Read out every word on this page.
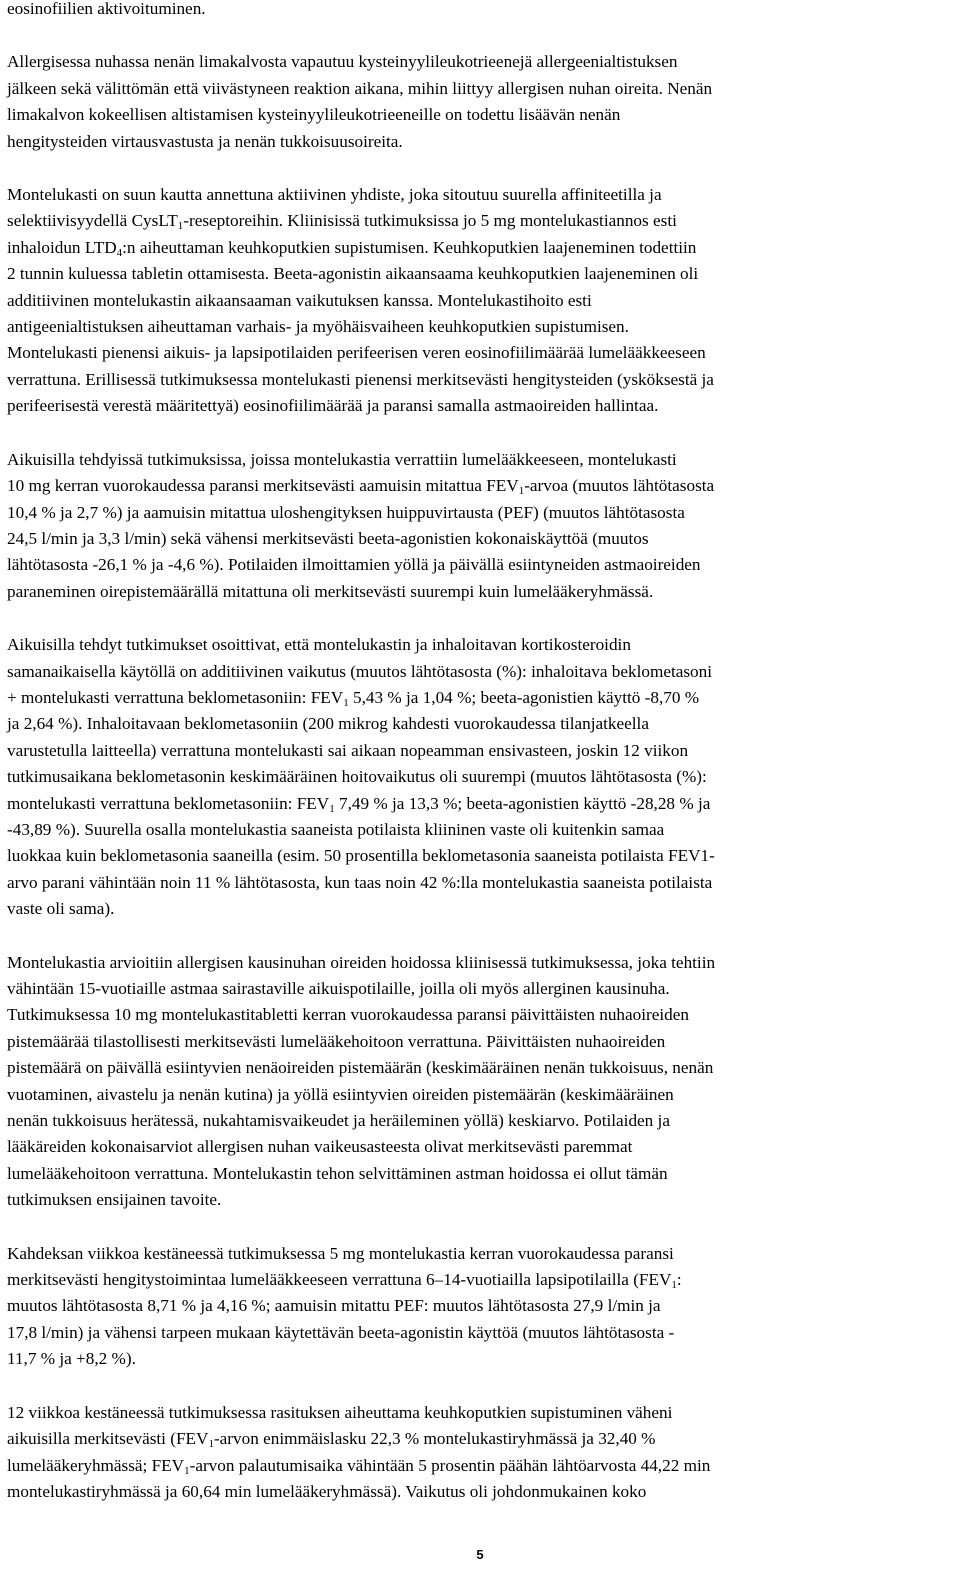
eosinofiilien aktivoituminen.

Allergisessa nuhassa nenän limakalvosta vapautuu kysteinyylileukotrieenejä allergeenialtistuksen
jälkeen sekä välittömän että viivästyneen reaktion aikana, mihin liittyy allergisen nuhan oireita. Nenän
limakalvon kokeellisen altistamisen kysteinyylileukotrieeneille on todettu lisäävän nenän
hengitysteiden virtausvastusta ja nenän tukkoisuusoireita.

Montelukasti on suun kautta annettuna aktiivinen yhdiste, joka sitoutuu suurella affiniteetilla ja
selektiivisyydellä CysLT$_1$-reseptoreihin. Kliinisissä tutkimuksissa jo 5 mg montelukastiannos esti
inhaloidun $LTD_4:n$ aiheuttaman keuhkoputkien supistumisen. Keuhkoputkien laajeneminen todettiin
2 tunnin kuluessa tabletin ottamisesta. Beeta-agonistin aikaansaama keuhkoputkien laajeneminen oli
additiivinen montelukastin aikaansaaman vaikutuksen kanssa. Montelukastihoito esti
antigeenialtistuksen aiheuttaman varhais- ja myöhäisvaiheen keuhkoputkien supistumisen.
Montelukasti pienensi aikuis- ja lapsipotilaiden perifeerisen veren eosinofiilimäärää lumelääkkeeseen
verrattuna. Erillisessä tutkimuksessa montelukasti pienensi merkitsevästi hengitysteiden (ysköksestä ja
perifeerisestä verestä määritettyä) eosinofiilimäärää ja paransi samalla astmaoireiden hallintaa.

Aikuisilla tehdyissä tutkimuksissa, joissa montelukastia verrattiin lumelääkkeeseen, montelukasti
10 mg kerran vuorokaudessa paransi merkitsevästi aamuisin mitattua $FEV_1$-arvoa (muutos lähtötasosta
10,4 % ja 2,7 %) ja aamuisin mitattua uloshengityksen huippuvirtausta (PEF) (muutos lähtötasosta
24,5 l/min ja 3,3 l/min) sekä vähensi merkitsevästi beeta-agonistien kokonaiskäyttöä (muutos
lähtötasosta -26,1 % ja -4,6 %). Potilaiden ilmoittamien yöllä ja päivällä esiintyneiden astmaoireiden
paraneminen oirepistemäärällä mitattuna oli merkitsevästi suurempi kuin lumelääkeryhmässä.

Aikuisilla tehdyt tutkimukset osoittivat, että montelukastin ja inhaloitavan kortikosteroidin
samanaikaisella käytöllä on additiivinen vaikutus (muutos lähtötasosta (%): inhaloitava beklometasoni
+ montelukasti verrattuna beklometasoniin: $FEV_1$ 5,43 % ja 1,04 %; beeta-agonistien käyttö -8,70 %
ja 2,64 %). Inhaloitavaan beklometasoniin (200 mikrog kahdesti vuorokaudessa tilanjatkeella
varustetulla laitteella) verrattuna montelukasti sai aikaan nopeamman ensivasteen, joskin 12 viikon
tutkimusaikana beklometasonin keskimääräinen hoitovaikutus oli suurempi (muutos lähtötasosta (%):
montelukasti verrattuna beklometasoniin: $FEV_1$ 7,49 % ja 13,3 %; beeta-agonistien käyttö -28,28 % ja
-43,89 %). Suurella osalla montelukastia saaneista potilaista kliininen vaste oli kuitenkin samaa
luokkaa kuin beklometasonia saaneilla (esim. 50 prosentilla beklometasonia saaneista potilaista FEV1-
arvo parani vähintään noin 11 % lähtötasosta, kun taas noin 42 %:lla montelukastia saaneista potilaista
vaste oli sama).

Montelukastia arvioitiin allergisen kausinuhan oireiden hoidossa kliinisessä tutkimuksessa, joka tehtiin
vähintään 15-vuotiaille astmaa sairastaville aikuispotilaille, joilla oli myös allerginen kausinuha.
Tutkimuksessa 10 mg montelukastitabletti kerran vuorokaudessa paransi päivittäisten nuhaoireiden
pistemäärää tilastollisesti merkitsevästi lumelääkehoitoon verrattuna. Päivittäisten nuhaoireiden
pistemäärä on päivällä esiintyvien nenäoireiden pistemäärän (keskimääräinen nenän tukkoisuus, nenän
vuotaminen, aivastelu ja nenän kutina) ja yöllä esiintyvien oireiden pistemäärän (keskimääräinen
nenän tukkoisuus herätessä, nukahtamisvaikeudet ja heräileminen yöllä) keskiarvo. Potilaiden ja
lääkäreiden kokonaisarviot allergisen nuhan vaikeusasteesta olivat merkitsevästi paremmat
lumelääkehoitoon verrattuna. Montelukastin tehon selvittäminen astman hoidossa ei ollut tämän
tutkimuksen ensijainen tavoite.

Kahdeksan viikkoa kestäneessä tutkimuksessa 5 mg montelukastia kerran vuorokaudessa paransi
merkitsevästi hengitystoimintaa lumelääkkeeseen verrattuna 6–14-vuotiailla lapsipotilailla ($FEV_1$:
muutos lähtötasosta 8,71 % ja 4,16 %; aamuisin mitattu PEF: muutos lähtötasosta 27,9 l/min ja
17,8 l/min) ja vähensi tarpeen mukaan käytettävän beeta-agonistin käyttöä (muutos lähtötasosta -
11,7 % ja +8,2 %).

12 viikkoa kestäneessä tutkimuksessa rasituksen aiheuttama keuhkoputkien supistuminen väheni
aikuisilla merkitsevästi ($FEV_1$-arvon enimmäislasku 22,3 % montelukastiryhmässä ja 32,40 %
lumelääkeryhmässä; $FEV_1$-arvon palautumisaika vähintään 5 prosentin päähän lähtöarvosta 44,22 min
montelukastiryhmässä ja 60,64 min lumelääkeryhmässä). Vaikutus oli johdonmukainen koko

5
